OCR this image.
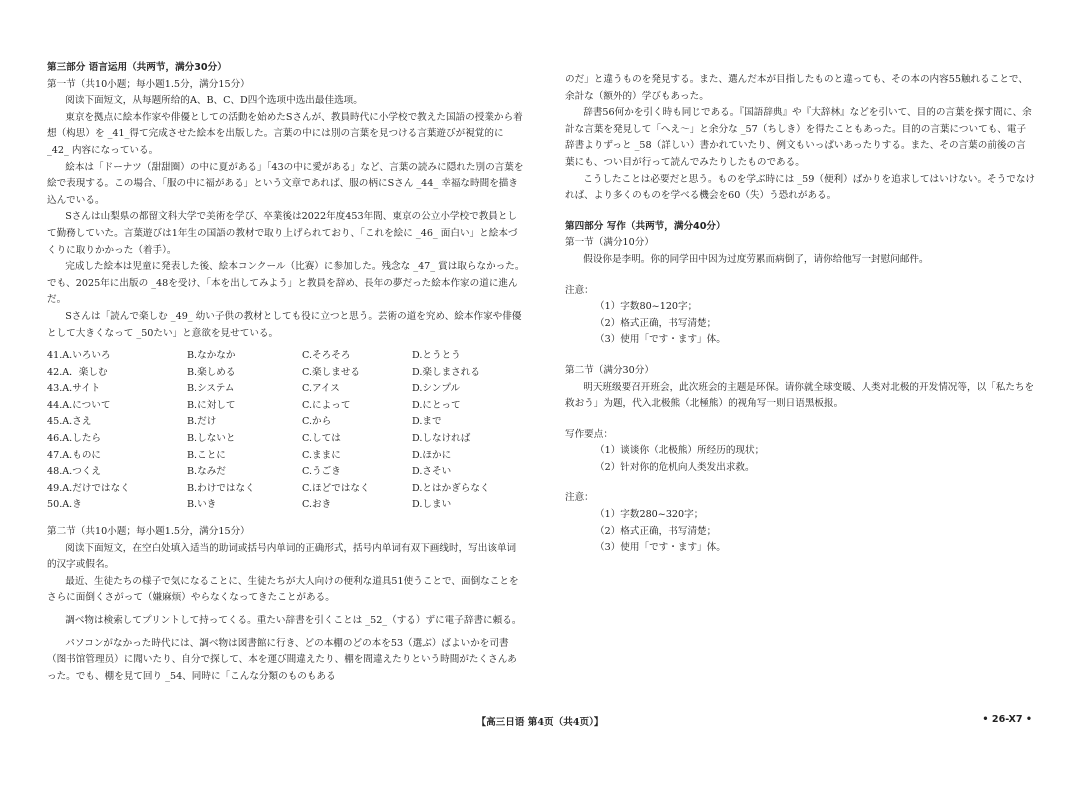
第三部分 语言运用（共两节，满分30分）

第一节（共10小题；每小题1.5分，满分15分）

阅读下面短文，从每题所给的A、B、C、D四个选项中选出最佳选项。

東京を拠点に絵本作家や俳優としての活動を始めたSさんが、教員時代に小学校で教えた国語の授業から着想（构思）を _41_得て完成させた絵本を出版した。言葉の中には別の言葉を見つける言葉遊びが視覚的に _42_ 内容になっている。

絵本は「ドーナツ（甜甜圈）の中に夏がある」「43の中に愛がある」など、言葉の読みに隠れた別の言葉を絵で表現する。この場合、「服の中に福がある」という文章であれば、服の柄にSさん _44_ 幸福な時間を描き込んでいる。

Sさんは山梨県の都留文科大学で美術を学び、卒業後は2022年度453年間、東京の公立小学校で教員として勤務していた。言葉遊びは1年生の国語の教材で取り上げられており、「これを絵に _46_ 面白い」と絵本づくりに取りかかった（着手）。

完成した絵本は児童に発表した後、絵本コンクール（比赛）に参加した。残念な _47_ 賞は取らなかった。でも、2025年に出版の _48を受け、「本を出してみよう」と教員を辞め、長年の夢だった絵本作家の道に進んだ。

Sさんは「読んで楽しむ _49_ 幼い子供の教材としても役に立つと思う。芸術の道を究め、絵本作家や俳優として大きくなって _50たい」と意欲を見せている。

41.A.いろいろ	B.なかなか	C.そろそろ	D.とうとう
42.A．楽しむ	B.楽しめる	C.楽しませる	D.楽しまされる
43.A.サイト	B.システム	C.アイス	D.シンプル
44.A.について	B.に対して	C.によって	D.にとって
45.A.さえ	B.だけ	C.から	D.まで
46.A.したら	B.しないと	C.しては	D.しなければ
47.A.ものに	B.ことに	C.ままに	D.ほかに
48.A.つくえ	B.なみだ	C.うごき	D.さそい
49.A.だけではなく	B.わけではなく	C.ほどではなく	D.とはかぎらなく
50.A.き	B.いき	C.おき	D.しまい

第二节（共10小题；每小题1.5分，满分15分）

阅读下面短文，在空白处填入适当的助词或括号内单词的正确形式，括号内单词有双下画线时，写出该单词的汉字或假名。

最近、生徒たちの様子で気になることに、生徒たちが大人向けの便利な道具51使うことで、面倒なことをさらに面倒くさがって（嫌麻烦）やらなくなってきたことがある。

調べ物は検索してプリントして持ってくる。重たい辞書を引くことは _52_（する）ずに電子辞書に頼る。

パソコンがなかった時代には、調べ物は図書館に行き、どの本棚のどの本を53（選ぶ）ばよいかを司書（图书馆管理员）に聞いたり、自分で探して、本を運び間違えたり、棚を間違えたりという時間がたくさんあった。でも、棚を見て回り _54、同時に「こんな分類のものもある

のだ」と違うものを発見する。また、選んだ本が目指したものと違っても、その本の内容55触れることで、余計な（额外的）学びもあった。

辞書56何かを引く時も同じである。『国語辞典』や『大辞林』などを引いて、目的の言葉を探す間に、余計な言葉を発見して「へえ～」と余分な _57（ちしき）を得たこともあった。目的の言葉についても、電子辞書よりずっと _58（詳しい）書かれていたり、例文もいっぱいあったりする。また、その言葉の前後の言葉にも、つい目が行って読んでみたりしたものである。

こうしたことは必要だと思う。ものを学ぶ時には _59（便利）ばかりを追求してはいけない。そうでなければ、より多くのものを学べる機会を60（失）う恐れがある。

第四部分 写作（共两节，满分40分）

第一节（满分10分）

假设你是李明。你的同学田中因为过度劳累而病倒了，请你给他写一封慰问邮件。

注意：

（1）字数80~120字；

（2）格式正确，书写清楚；

（3）使用「です・ます」体。

第二节（满分30分）

明天班级要召开班会，此次班会的主题是环保。请你就全球变暖、人类对北极的开发情况等，以「私たちを救おう」为题，代入北极熊（北極熊）的视角写一则日语黑板报。

写作要点：

（1）谈谈你（北极熊）所经历的现状；

（2）针对你的危机向人类发出求救。

注意：

（1）字数280~320字；

（2）格式正确，书写清楚；

（3）使用「です・ます」体。

【高三日语 第4页（共4页）】	• 26-X7 •
